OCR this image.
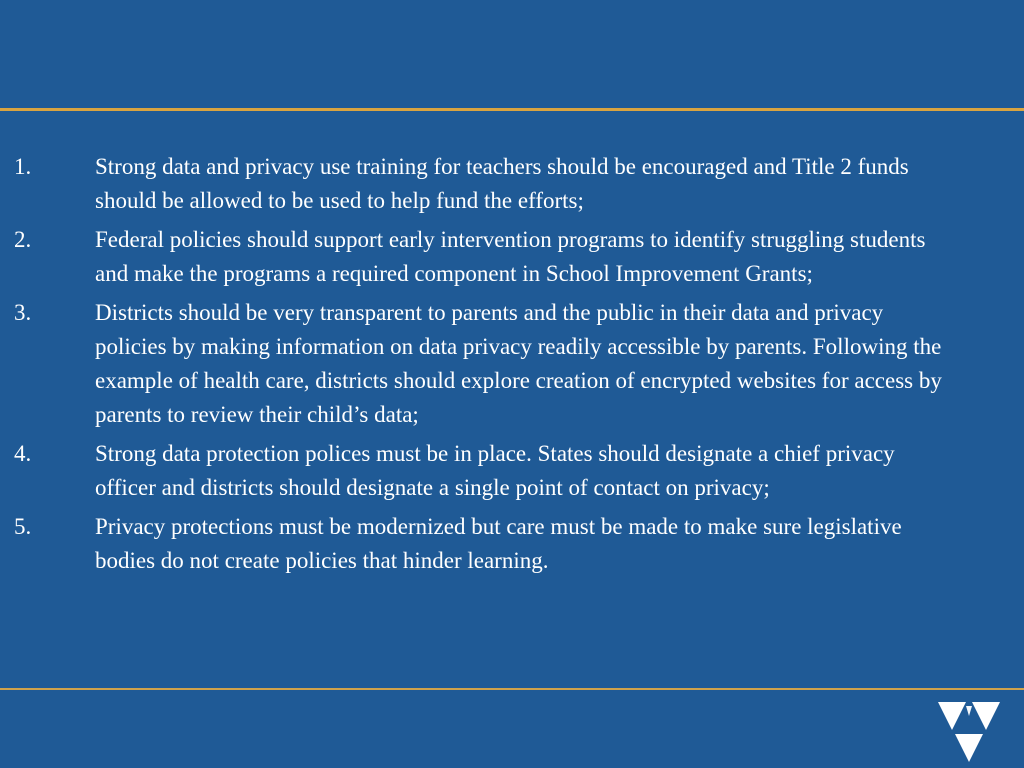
1.	Strong data and privacy use training for teachers should be encouraged and Title 2 funds should be allowed to be used to help fund the efforts;
2.	Federal policies should support early intervention programs to identify struggling students and make the programs a required component in School Improvement Grants;
3.	Districts should be very transparent to parents and the public in their data and privacy policies by making information on data privacy readily accessible by parents. Following the example of health care, districts should explore creation of encrypted websites for access by parents to review their child’s data;
4.	Strong data protection polices must be in place. States should designate a chief privacy officer and districts should designate a single point of contact on privacy;
5.	Privacy protections must be modernized but care must be made to make sure legislative bodies do not create policies that hinder learning.
